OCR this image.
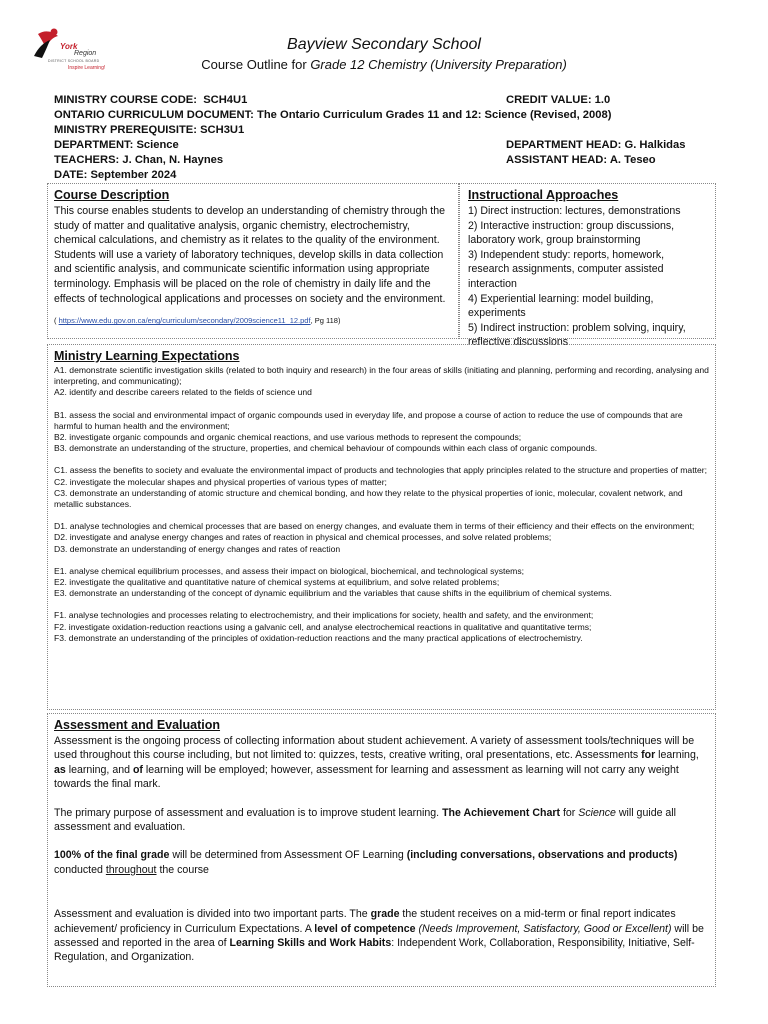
York
Region
DISTRICT SCHOOL BOARD
Inspire Learning!
Bayview Secondary School
Course Outline for Grade 12 Chemistry (University Preparation)
MINISTRY COURSE CODE: SCH4U1
ONTARIO CURRICULUM DOCUMENT: The Ontario Curriculum Grades 11 and 12: Science (Revised, 2008)
MINISTRY PREREQUISITE: SCH3U1
DEPARTMENT: Science
TEACHERS: J. Chan, N. Haynes
DATE: September 2024
CREDIT VALUE: 1.0
DEPARTMENT HEAD: G. Halkidas
ASSISTANT HEAD: A. Teseo
Course Description
This course enables students to develop an understanding of chemistry through the study of matter and qualitative analysis, organic chemistry, electrochemistry, chemical calculations, and chemistry as it relates to the quality of the environment. Students will use a variety of laboratory techniques, develop skills in data collection and scientific analysis, and communicate scientific information using appropriate terminology. Emphasis will be placed on the role of chemistry in daily life and the effects of technological applications and processes on society and the environment.
( https://www.edu.gov.on.ca/eng/curriculum/secondary/2009science11_12.pdf, Pg 118)
Instructional Approaches
1) Direct instruction: lectures, demonstrations
2) Interactive instruction: group discussions, laboratory work, group brainstorming
3) Independent study: reports, homework, research assignments, computer assisted interaction
4) Experiential learning: model building, experiments
5) Indirect instruction: problem solving, inquiry, reflective discussions
Ministry Learning Expectations

A1. demonstrate scientific investigation skills (related to both inquiry and research) in the four areas of skills (initiating and planning, performing and recording, analysing and interpreting, and communicating);

A2. identify and describe careers related to the fields of science und

B1. assess the social and environmental impact of organic compounds used in everyday life, and propose a course of action to reduce the use of compounds that are harmful to human health and the environment;

B2. investigate organic compounds and organic chemical reactions, and use various methods to represent the compounds;

B3. demonstrate an understanding of the structure, properties, and chemical behaviour of compounds within each class of organic compounds.

C1. assess the benefits to society and evaluate the environmental impact of products and technologies that apply principles related to the structure and properties of matter;

C2. investigate the molecular shapes and physical properties of various types of matter;

C3. demonstrate an understanding of atomic structure and chemical bonding, and how they relate to the physical properties of ionic, molecular, covalent network, and metallic substances.

D1. analyse technologies and chemical processes that are based on energy changes, and evaluate them in terms of their efficiency and their effects on the environment;

D2. investigate and analyse energy changes and rates of reaction in physical and chemical processes, and solve related problems;

D3. demonstrate an understanding of energy changes and rates of reaction

E1. analyse chemical equilibrium processes, and assess their impact on biological, biochemical, and technological systems;

E2. investigate the qualitative and quantitative nature of chemical systems at equilibrium, and solve related problems;

E3. demonstrate an understanding of the concept of dynamic equilibrium and the variables that cause shifts in the equilibrium of chemical systems.

F1. analyse technologies and processes relating to electrochemistry, and their implications for society, health and safety, and the environment;

F2. investigate oxidation-reduction reactions using a galvanic cell, and analyse electrochemical reactions in qualitative and quantitative terms;

F3. demonstrate an understanding of the principles of oxidation-reduction reactions and the many practical applications of electrochemistry.

Assessment and Evaluation

Assessment is the ongoing process of collecting information about student achievement. A variety of assessment tools/techniques will be used throughout this course including, but not limited to: quizzes, tests, creative writing, oral presentations, etc. Assessments for learning, as learning, and of learning will be employed; however, assessment for learning and assessment as learning will not carry any weight towards the final mark.

The primary purpose of assessment and evaluation is to improve student learning. The Achievement Chart for Science will guide all assessment and evaluation.

100% of the final grade will be determined from Assessment OF Learning (including conversations, observations and products) conducted throughout the course

Assessment and evaluation is divided into two important parts. The grade the student receives on a mid-term or final report indicates achievement/ proficiency in Curriculum Expectations. A level of competence (Needs Improvement, Satisfactory, Good or Excellent) will be assessed and reported in the area of Learning Skills and Work Habits: Independent Work, Collaboration, Responsibility, Initiative, Self-Regulation, and Organization.
